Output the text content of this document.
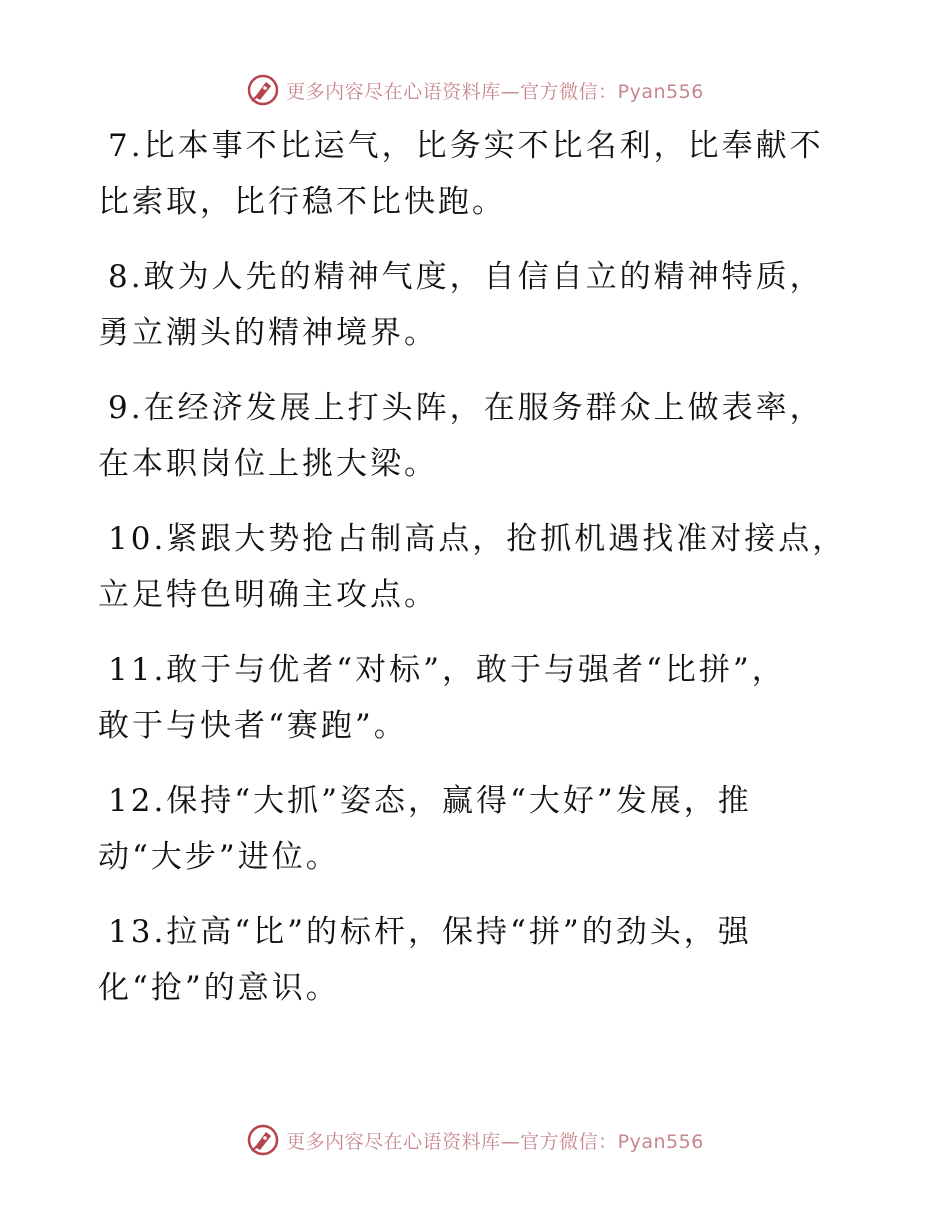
更多内容尽在心语资料库—官方微信：Pyan556

7.比本事不比运气，比务实不比名利，比奉献不
比索取，比行稳不比快跑。

8.敢为人先的精神气度，自信自立的精神特质，
勇立潮头的精神境界。

9.在经济发展上打头阵，在服务群众上做表率，
在本职岗位上挑大梁。

10.紧跟大势抢占制高点，抢抓机遇找准对接点，
立足特色明确主攻点。

11.敢于与优者“对标”，敢于与强者“比拼”，
敢于与快者“赛跑”。

12.保持“大抓”姿态，赢得“大好”发展，推
动“大步”进位。

13.拉高“比”的标杆，保持“拼”的劲头，强
化“抢”的意识。

更多内容尽在心语资料库—官方微信：Pyan556
